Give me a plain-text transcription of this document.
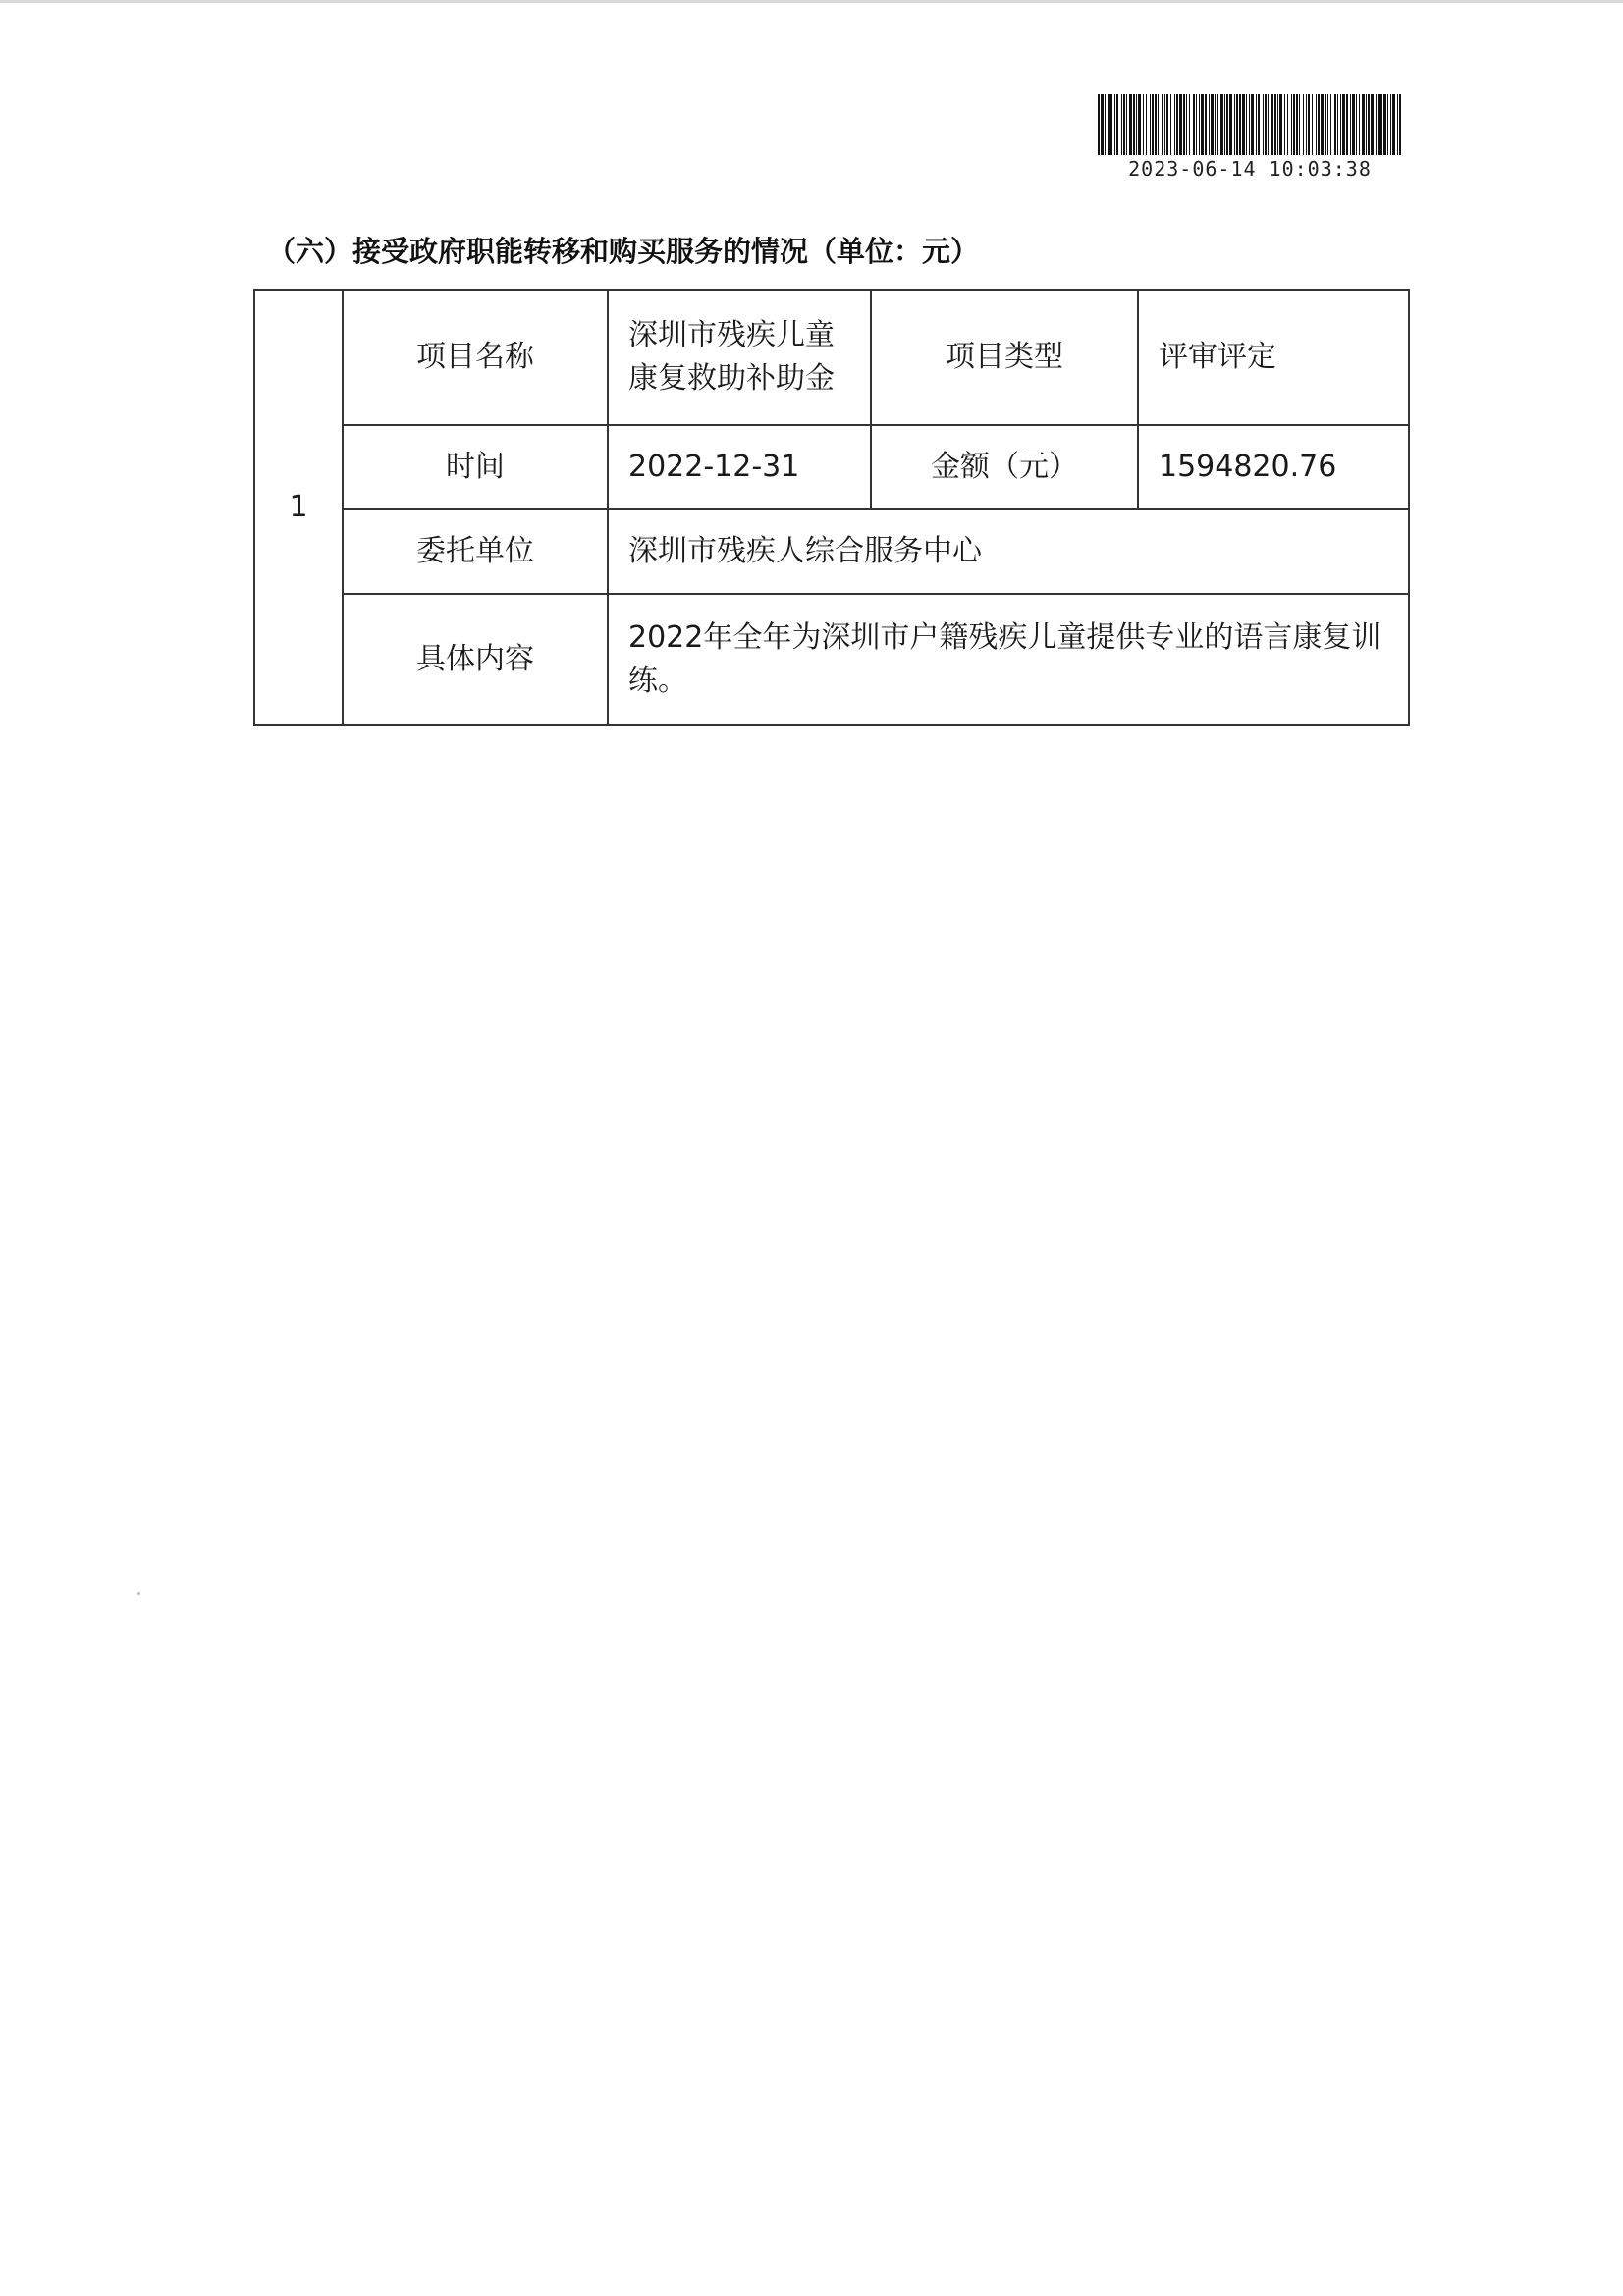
2023-06-14 10:03:38
（六）接受政府职能转移和购买服务的情况（单位：元）
1	项目名称	深圳市残疾儿童康复救助补助金	项目类型	评审评定
	时间	2022-12-31	金额（元）	1594820.76
	委托单位	深圳市残疾人综合服务中心		
	具体内容	2022年全年为深圳市户籍残疾儿童提供专业的语言康复训练。		
